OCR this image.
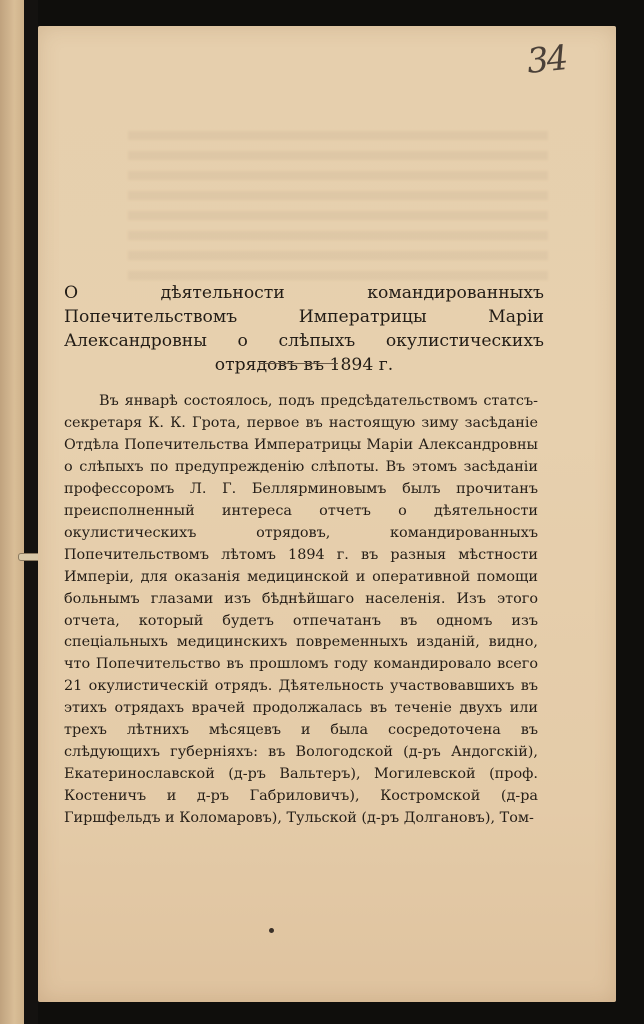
34
О дѣятельности командированныхъ Попечительствомъ Императрицы Маріи Александровны о слѣпыхъ окулистическихъ отрядовъ въ 1894 г.

Въ январѣ состоялось, подъ предсѣдательствомъ статсъ-секретаря К. К. Грота, первое въ настоящую зиму засѣданіе Отдѣла Попечительства Императрицы Маріи Александровны о слѣпыхъ по предупрежденію слѣпоты. Въ этомъ засѣданіи профессоромъ Л. Г. Беллярминовымъ былъ прочитанъ преисполненный интереса отчетъ о дѣятельности окулистическихъ отрядовъ, командированныхъ Попечительствомъ лѣтомъ 1894 г. въ разныя мѣстности Имперіи, для оказанія медицинской и оперативной помощи больнымъ глазами изъ бѣднѣйшаго населенія. Изъ этого отчета, который будетъ отпечатанъ въ одномъ изъ спеціальныхъ медицинскихъ повременныхъ изданій, видно, что Попечительство въ прошломъ году командировало всего 21 окулистическій отрядъ. Дѣятельность участвовавшихъ въ этихъ отрядахъ врачей продолжалась въ теченіе двухъ или трехъ лѣтнихъ мѣсяцевъ и была сосредоточена въ слѣдующихъ губерніяхъ: въ Вологодской (д-ръ Андогскій), Екатеринославской (д-ръ Вальтеръ), Могилевской (проф. Костеничъ и д-ръ Габриловичъ), Костромской (д-ра Гиршфельдъ и Коломаровъ), Тульской (д-ръ Долгановъ), Том-
